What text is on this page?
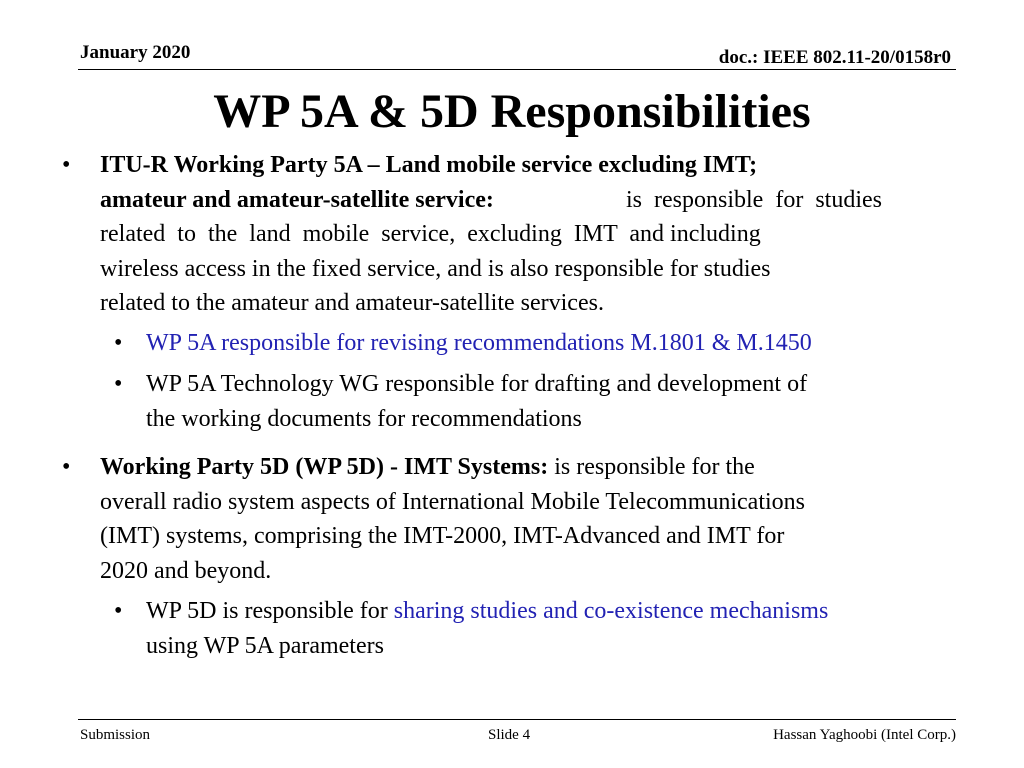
January 2020	doc.: IEEE 802.11-20/0158r0
WP 5A & 5D Responsibilities
•	ITU-R Working Party 5A – Land mobile service excluding IMT;
amateur and amateur-satellite service:	is  responsible  for  studies
related  to  the  land  mobile  service,  excluding  IMT  and including
wireless access in the fixed service, and is also responsible for studies
related to the amateur and amateur-satellite services.
• WP 5A responsible for revising recommendations M.1801 & M.1450
• WP 5A Technology WG responsible for drafting and development of
the working documents for recommendations
•	Working Party 5D (WP 5D) - IMT Systems: is responsible for the
overall radio system aspects of International Mobile Telecommunications
(IMT) systems, comprising the IMT-2000, IMT-Advanced and IMT for
2020 and beyond.
• WP 5D is responsible for sharing studies and co-existence mechanisms
using WP 5A parameters
Submission	Slide 4	Hassan Yaghoobi (Intel Corp.)
